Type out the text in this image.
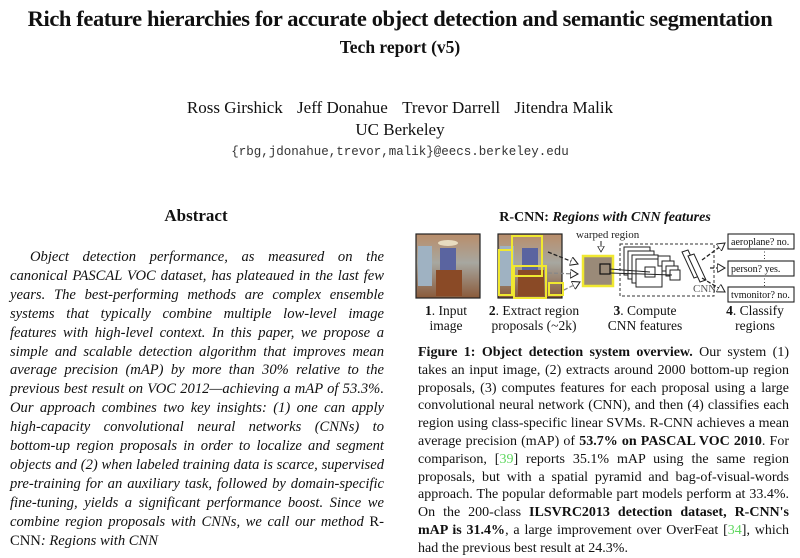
Rich feature hierarchies for accurate object detection and semantic segmentation
Tech report (v5)
Ross Girshick Jeff Donahue Trevor Darrell Jitendra Malik
UC Berkeley
{rbg,jdonahue,trevor,malik}@eecs.berkeley.edu
Abstract

Object detection performance, as measured on the canonical PASCAL VOC dataset, has plateaued in the last few years. The best-performing methods are complex ensemble systems that typically combine multiple low-level image features with high-level context. In this paper, we propose a simple and scalable detection algorithm that improves mean average precision (mAP) by more than 30% relative to the previous best result on VOC 2012—achieving a mAP of 53.3%. Our approach combines two key insights: (1) one can apply high-capacity convolutional neural networks (CNNs) to bottom-up region proposals in order to localize and segment objects and (2) when labeled training data is scarce, supervised pre-training for an auxiliary task, followed by domain-specific fine-tuning, yields a significant performance boost. Since we combine region proposals with CNNs, we call our method R-CNN: Regions with CNN

R-CNN: Regions with CNN features
warped region
CNN
aeroplane? no.
⋮
person? yes.
⋮
tvmonitor? no.
1. Input
image
2. Extract region
proposals (~2k)
3. Compute
CNN features
4. Classify
regions
Figure 1: Object detection system overview. Our system (1) takes an input image, (2) extracts around 2000 bottom-up region proposals, (3) computes features for each proposal using a large convolutional neural network (CNN), and then (4) classifies each region using class-specific linear SVMs. R-CNN achieves a mean average precision (mAP) of 53.7% on PASCAL VOC 2010. For comparison, [39] reports 35.1% mAP using the same region proposals, but with a spatial pyramid and bag-of-visual-words approach. The popular deformable part models perform at 33.4%. On the 200-class ILSVRC2013 detection dataset, R-CNN's mAP is 31.4%, a large improvement over OverFeat [34], which had the previous best result at 24.3%.
